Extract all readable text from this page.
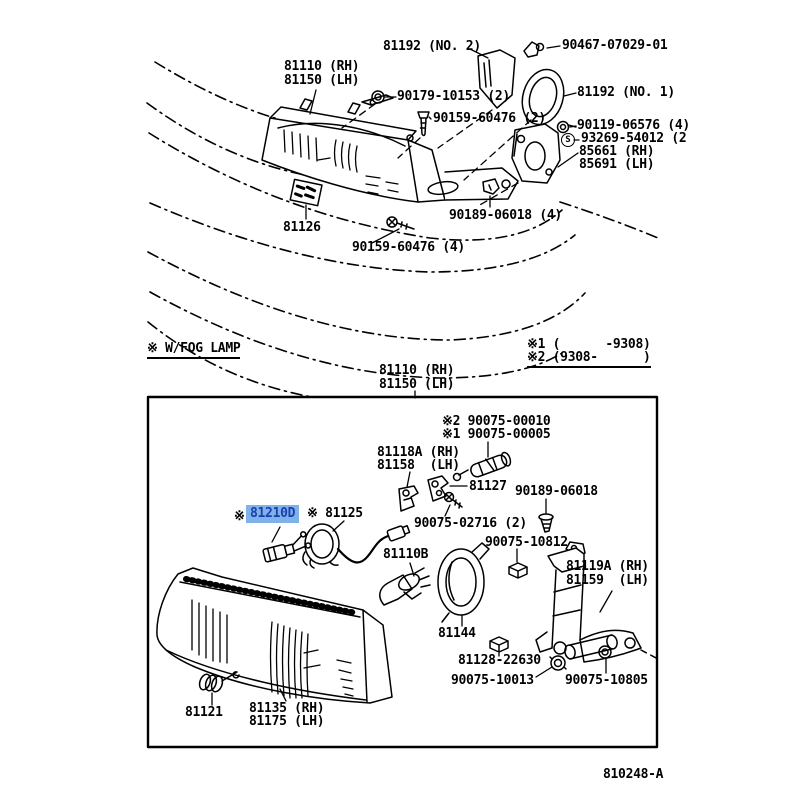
81110 (RH)
81150 (LH)
81192 (NO. 2)	90467-07029-01
90179-10153 (2)
90159-60476 (2)
81192 (NO. 1)
90119-06576 (4)
93269-54012 (2
S
85661 (RH)
85691 (LH)
90189-06018 (4)
81126
90159-60476 (4)
※ W/FOG LAMP	※1 (      -9308)
※2 (9308-      )
81110 (RH)
81150 (LH)
※2 90075-00010
※1 90075-00005
81118A (RH)
81158  (LH)
81127 90189-06018
90075-02716 (2)
※ 81210D ※ 81125
81110B
90075-10812
81119A (RH)
81159  (LH)
81144
81128-22630
90075-10013 90075-10805
81121 81135 (RH)
81175 (LH)
810248-A
